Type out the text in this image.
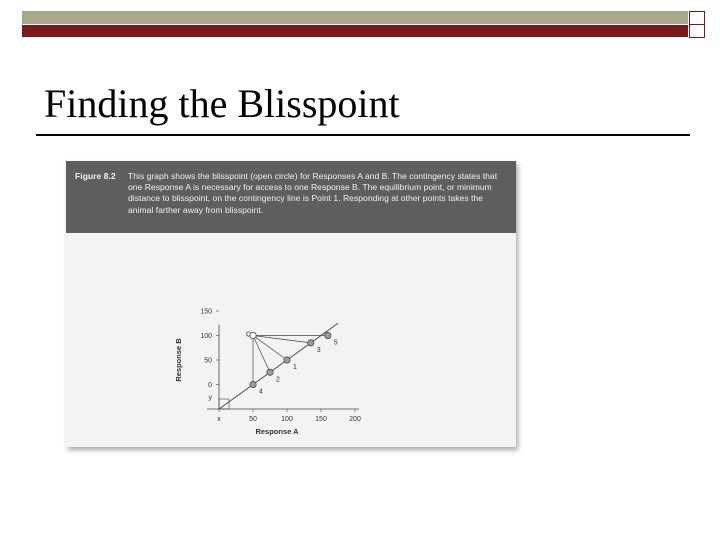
Finding the Blisspoint
Figure 8.2 This graph shows the blisspoint (open circle) for Responses A and B. The contingency states that one Response A is necessary for access to one Response B. The equilibrium point, or minimum distance to blisspoint, on the contingency line is Point 1. Responding at other points takes the animal farther away from blisspoint.
x	50	100	150	200
y
0
50
100
150
Response A
Response B	1
2
3
4
5
C
